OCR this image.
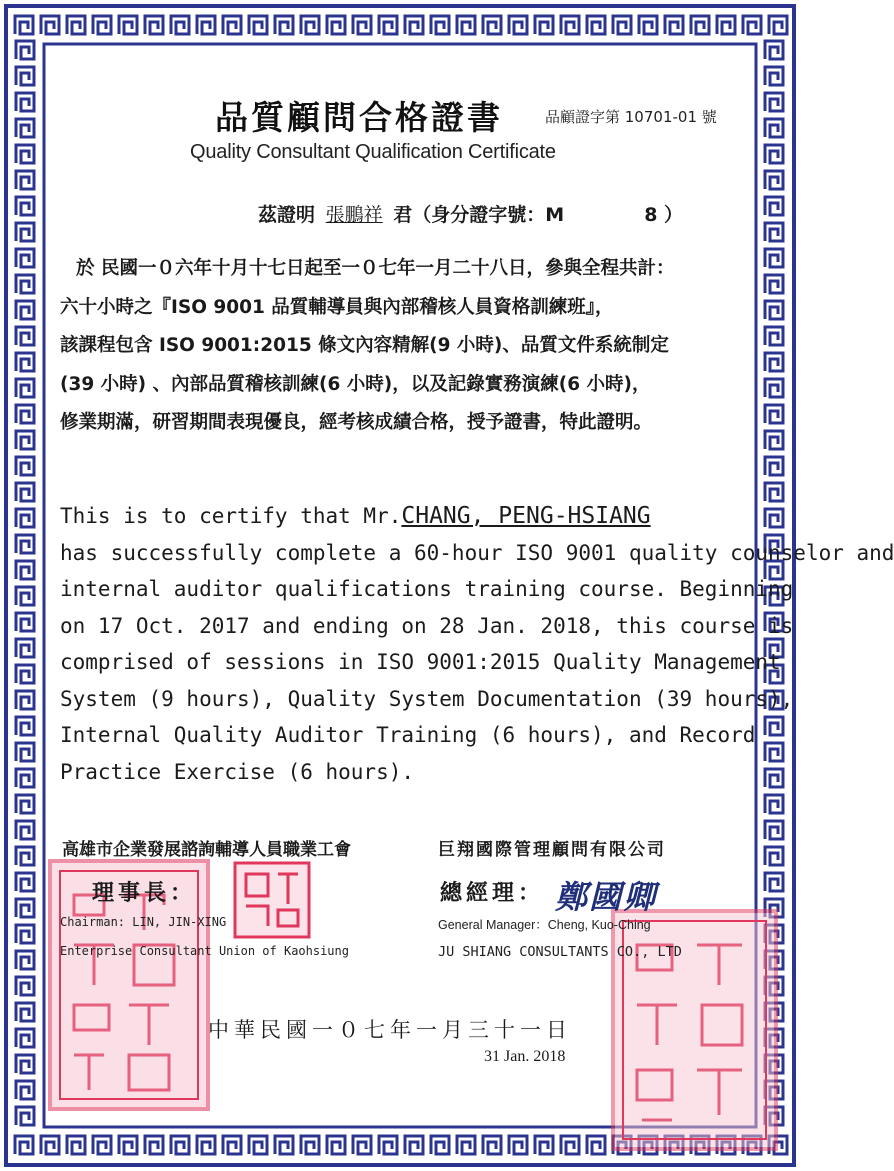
品質顧問合格證書	品顧證字第 10701-01 號
Quality Consultant Qualification Certificate
茲證明 張鵬祥 君（身分證字號：M	8 ）
於 民國一０六年十月十七日起至一０七年一月二十八日，參與全程共計：
六十小時之『ISO 9001 品質輔導員與內部稽核人員資格訓練班』，
該課程包含 ISO 9001:2015 條文內容精解(9 小時)、品質文件系統制定
(39 小時) 、內部品質稽核訓練(6 小時)，以及記錄實務演練(6 小時)，
修業期滿，研習期間表現優良，經考核成績合格，授予證書，特此證明。
This is to certify that Mr.CHANG, PENG-HSIANG
has successfully complete a 60-hour ISO 9001 quality counselor and
internal auditor qualifications training course. Beginning
on 17 Oct. 2017 and ending on 28 Jan. 2018, this course is
comprised of sessions in ISO 9001:2015 Quality Management
System (9 hours), Quality System Documentation (39 hours),
Internal Quality Auditor Training (6 hours), and Record
Practice Exercise (6 hours).
高雄市企業發展諮詢輔導人員職業工會	巨翔國際管理顧問有限公司
理事長：	總經理： 鄭國卿
Chairman: LIN, JIN-XING
Enterprise Consultant Union of Kaohsiung
General Manager：Cheng, Kuo-Ching
JU SHIANG CONSULTANTS CO., LTD
中華民國一０七年一月三十一日
31 Jan. 2018
